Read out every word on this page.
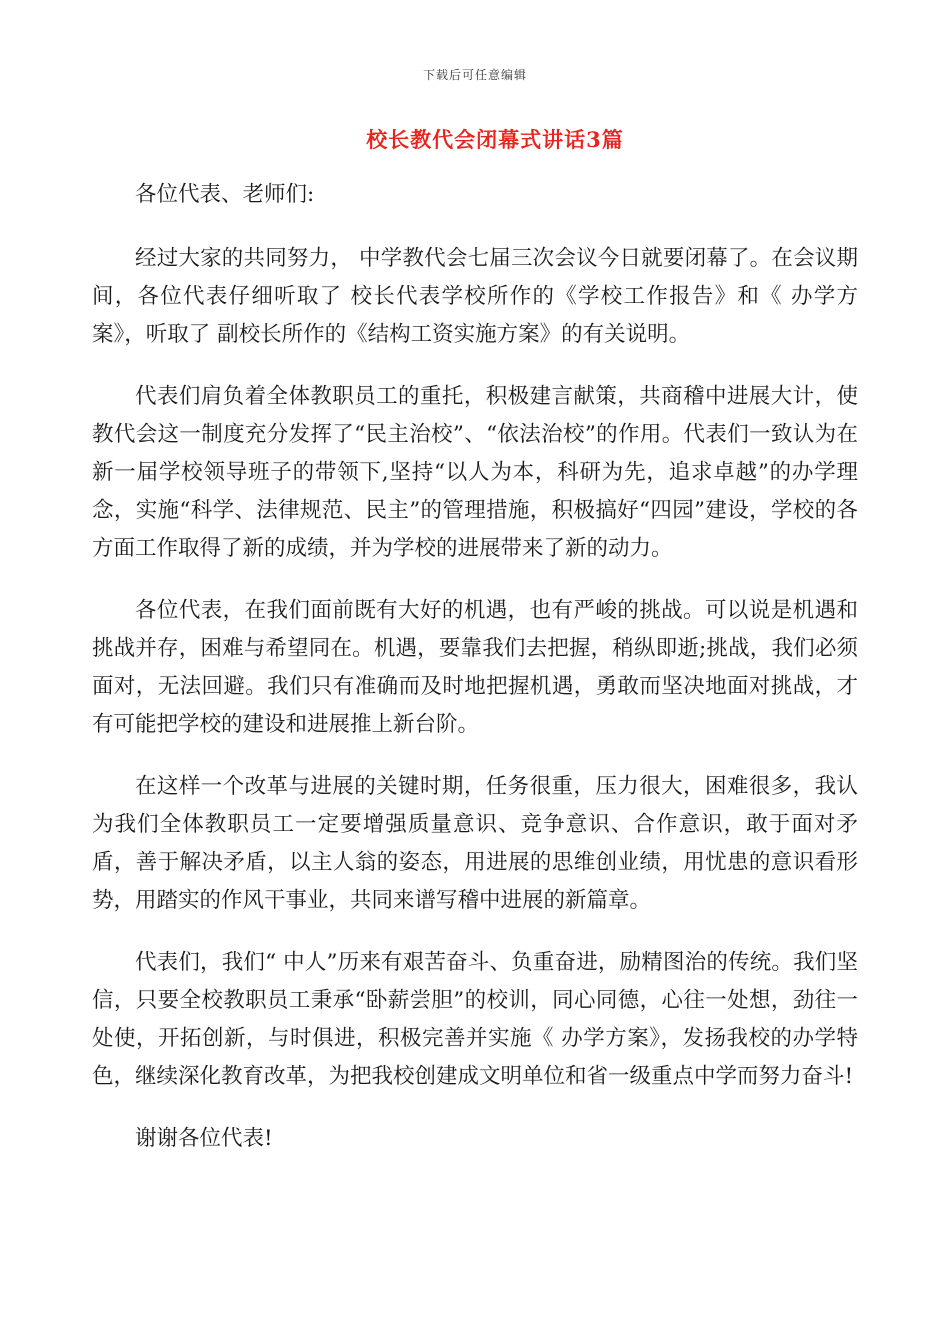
下载后可任意编辑
校长教代会闭幕式讲话3篇

各位代表、老师们:

经过大家的共同努力， 中学教代会七届三次会议今日就要闭幕了。在会议期间，各位代表仔细听取了 校长代表学校所作的《学校工作报告》和《 办学方案》，听取了 副校长所作的《结构工资实施方案》的有关说明。

代表们肩负着全体教职员工的重托，积极建言献策，共商稽中进展大计，使教代会这一制度充分发挥了“民主治校”、“依法治校”的作用。代表们一致认为在新一届学校领导班子的带领下,坚持“以人为本，科研为先，追求卓越”的办学理念，实施“科学、法律规范、民主”的管理措施，积极搞好“四园”建设，学校的各方面工作取得了新的成绩，并为学校的进展带来了新的动力。

各位代表，在我们面前既有大好的机遇，也有严峻的挑战。可以说是机遇和挑战并存，困难与希望同在。机遇，要靠我们去把握，稍纵即逝;挑战，我们必须面对，无法回避。我们只有准确而及时地把握机遇，勇敢而坚决地面对挑战，才有可能把学校的建设和进展推上新台阶。

在这样一个改革与进展的关键时期，任务很重，压力很大，困难很多，我认为我们全体教职员工一定要增强质量意识、竞争意识、合作意识，敢于面对矛盾，善于解决矛盾，以主人翁的姿态，用进展的思维创业绩，用忧患的意识看形势，用踏实的作风干事业，共同来谱写稽中进展的新篇章。

代表们，我们“ 中人”历来有艰苦奋斗、负重奋进，励精图治的传统。我们坚信，只要全校教职员工秉承“卧薪尝胆”的校训，同心同德，心往一处想，劲往一处使，开拓创新，与时俱进，积极完善并实施《 办学方案》，发扬我校的办学特色，继续深化教育改革，为把我校创建成文明单位和省一级重点中学而努力奋斗!

谢谢各位代表!
